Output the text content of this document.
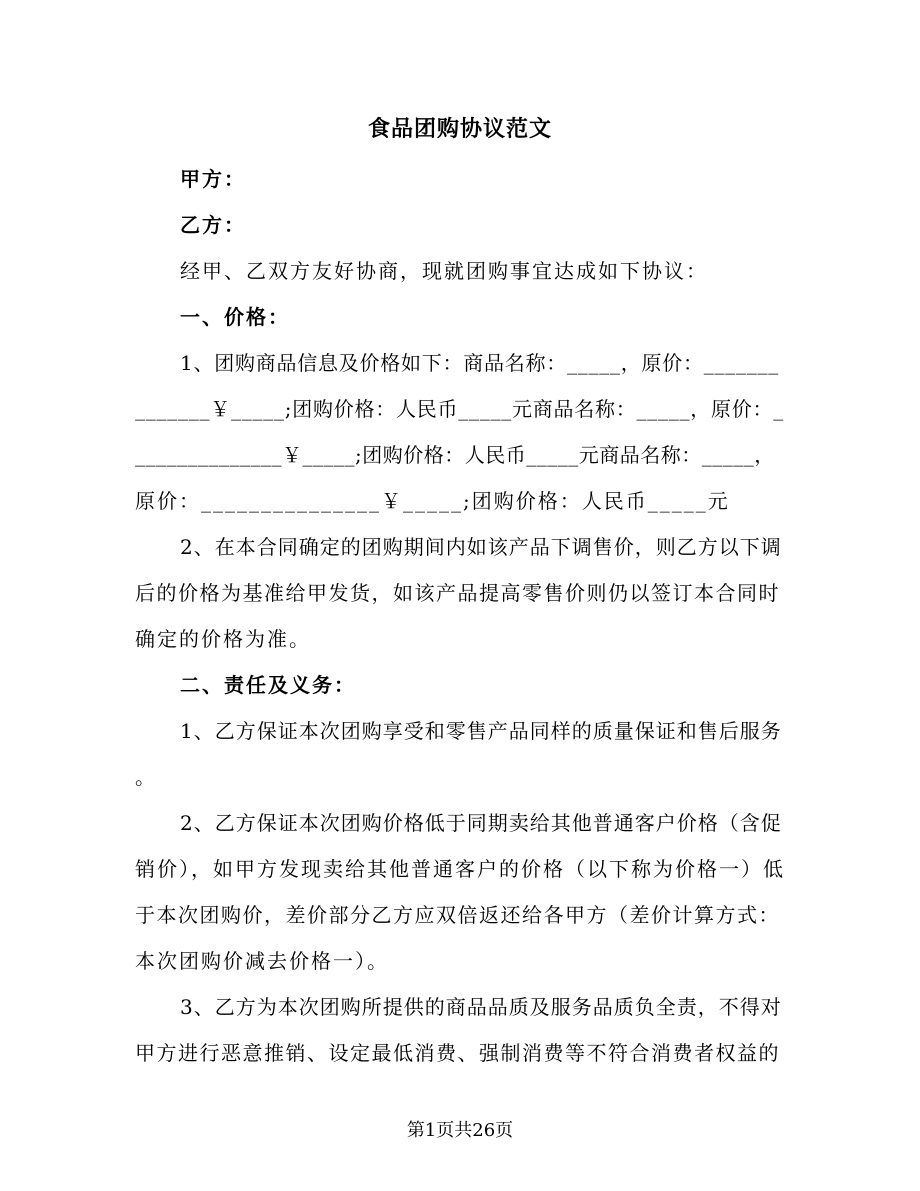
食品团购协议范文
甲方：
乙方：
经甲、乙双方友好协商，现就团购事宜达成如下协议：
一、价格：
1、团购商品信息及价格如下：商品名称：_____，原价：_______
_______￥_____;团购价格：人民币_____元商品名称：_____，原价：_
______________￥_____;团购价格：人民币_____元商品名称：_____，
原价：_______________￥_____;团购价格：人民币_____元
2、在本合同确定的团购期间内如该产品下调售价，则乙方以下调
后的价格为基准给甲发货，如该产品提高零售价则仍以签订本合同时
确定的价格为准。
二、责任及义务：
1、乙方保证本次团购享受和零售产品同样的质量保证和售后服务
。
2、乙方保证本次团购价格低于同期卖给其他普通客户价格（含促
销价），如甲方发现卖给其他普通客户的价格（以下称为价格一）低
于本次团购价，差价部分乙方应双倍返还给各甲方（差价计算方式：
本次团购价减去价格一）。
3、乙方为本次团购所提供的商品品质及服务品质负全责，不得对
甲方进行恶意推销、设定最低消费、强制消费等不符合消费者权益的
第1页共26页
